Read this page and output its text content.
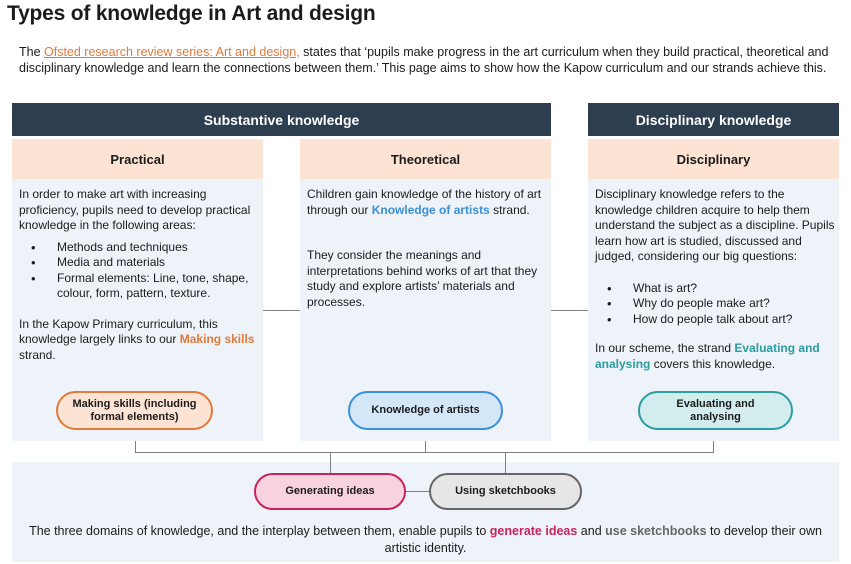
Types of knowledge in Art and design
The Ofsted research review series: Art and design, states that ‘pupils make progress in the art curriculum when they build practical, theoretical and disciplinary knowledge and learn the connections between them.’ This page aims to show how the Kapow curriculum and our strands achieve this.
Substantive knowledge	Disciplinary knowledge
Practical

In order to make art with increasing proficiency, pupils need to develop practical knowledge in the following areas:

• Methods and techniques
• Media and materials
• Formal elements: Line, tone, shape, colour, form, pattern, texture.

In the Kapow Primary curriculum, this knowledge largely links to our Making skills strand.

Making skills (including formal elements)
Theoretical

Children gain knowledge of the history of art through our Knowledge of artists strand.

They consider the meanings and interpretations behind works of art that they study and explore artists’ materials and processes.

Knowledge of artists
Disciplinary

Disciplinary knowledge refers to the knowledge children acquire to help them understand the subject as a discipline. Pupils learn how art is studied, discussed and judged, considering our big questions:

• What is art?
• Why do people make art?
• How do people talk about art?

In our scheme, the strand Evaluating and analysing covers this knowledge.

Evaluating and analysing
Generating ideas	Using sketchbooks
The three domains of knowledge, and the interplay between them, enable pupils to generate ideas and use sketchbooks to develop their own artistic identity.
